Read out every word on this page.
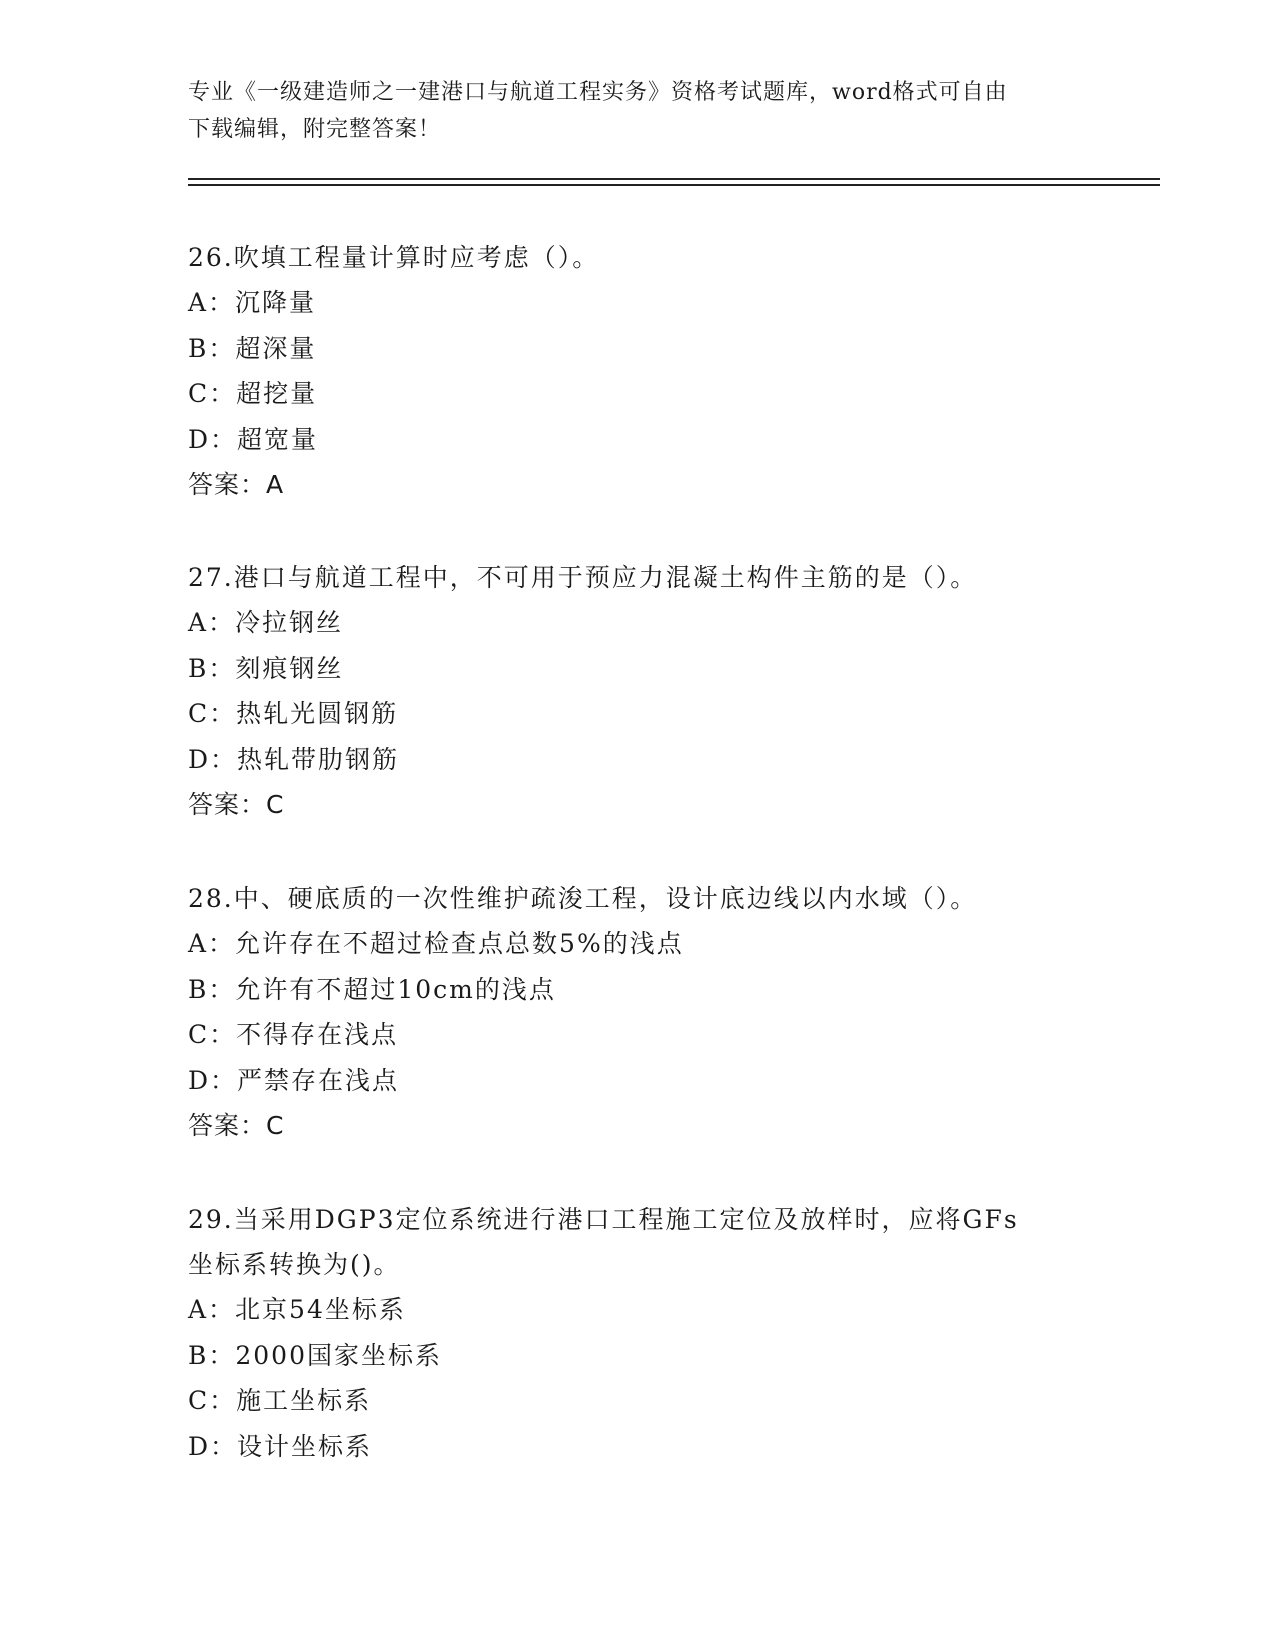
专业《一级建造师之一建港口与航道工程实务》资格考试题库，word格式可自由
下载编辑，附完整答案！
26.吹填工程量计算时应考虑（）。
A：沉降量
B：超深量
C：超挖量
D：超宽量
答案：A
27.港口与航道工程中，不可用于预应力混凝土构件主筋的是（）。
A：冷拉钢丝
B：刻痕钢丝
C：热轧光圆钢筋
D：热轧带肋钢筋
答案：C
28.中、硬底质的一次性维护疏浚工程，设计底边线以内水域（）。
A：允许存在不超过检查点总数5%的浅点
B：允许有不超过10cm的浅点
C：不得存在浅点
D：严禁存在浅点
答案：C
29.当采用DGP3定位系统进行港口工程施工定位及放样时，应将GFs
坐标系转换为()。
A：北京54坐标系
B：2000国家坐标系
C：施工坐标系
D：设计坐标系
